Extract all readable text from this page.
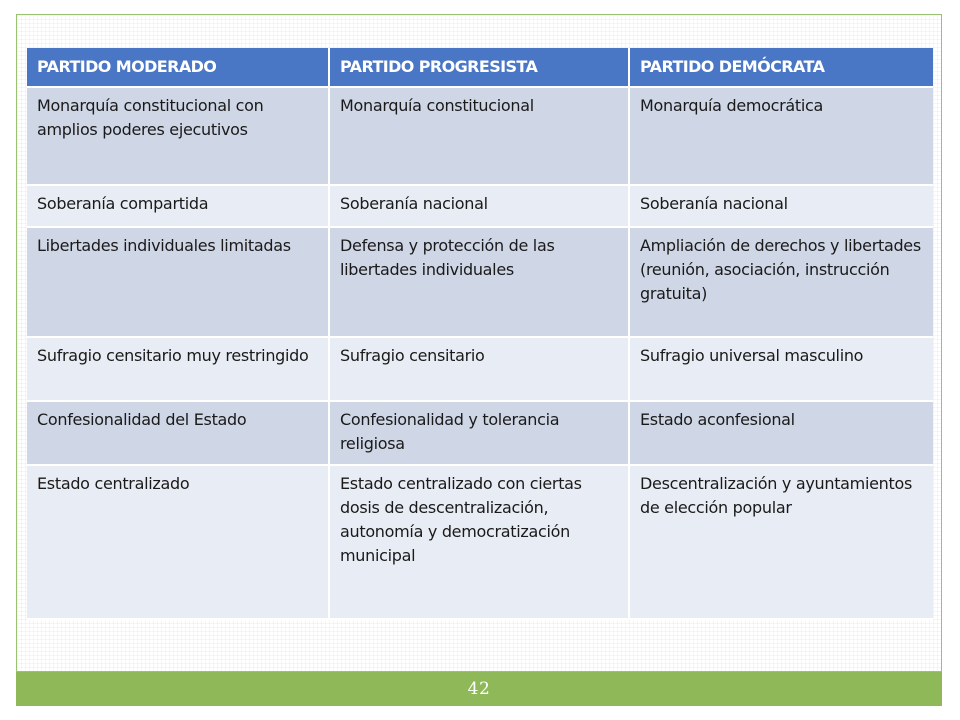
PARTIDO MODERADO	PARTIDO PROGRESISTA	PARTIDO DEMÓCRATA
Monarquía constitucional con amplios poderes ejecutivos	Monarquía constitucional	Monarquía democrática
Soberanía compartida	Soberanía nacional	Soberanía nacional
Libertades individuales limitadas	Defensa y protección de las libertades individuales	Ampliación de derechos y libertades (reunión, asociación, instrucción gratuita)
Sufragio censitario muy restringido	Sufragio censitario	Sufragio universal masculino
Confesionalidad del Estado	Confesionalidad y tolerancia religiosa	Estado aconfesional
Estado centralizado	Estado centralizado con ciertas dosis de descentralización, autonomía y democratización municipal	Descentralización y ayuntamientos de elección popular
42
